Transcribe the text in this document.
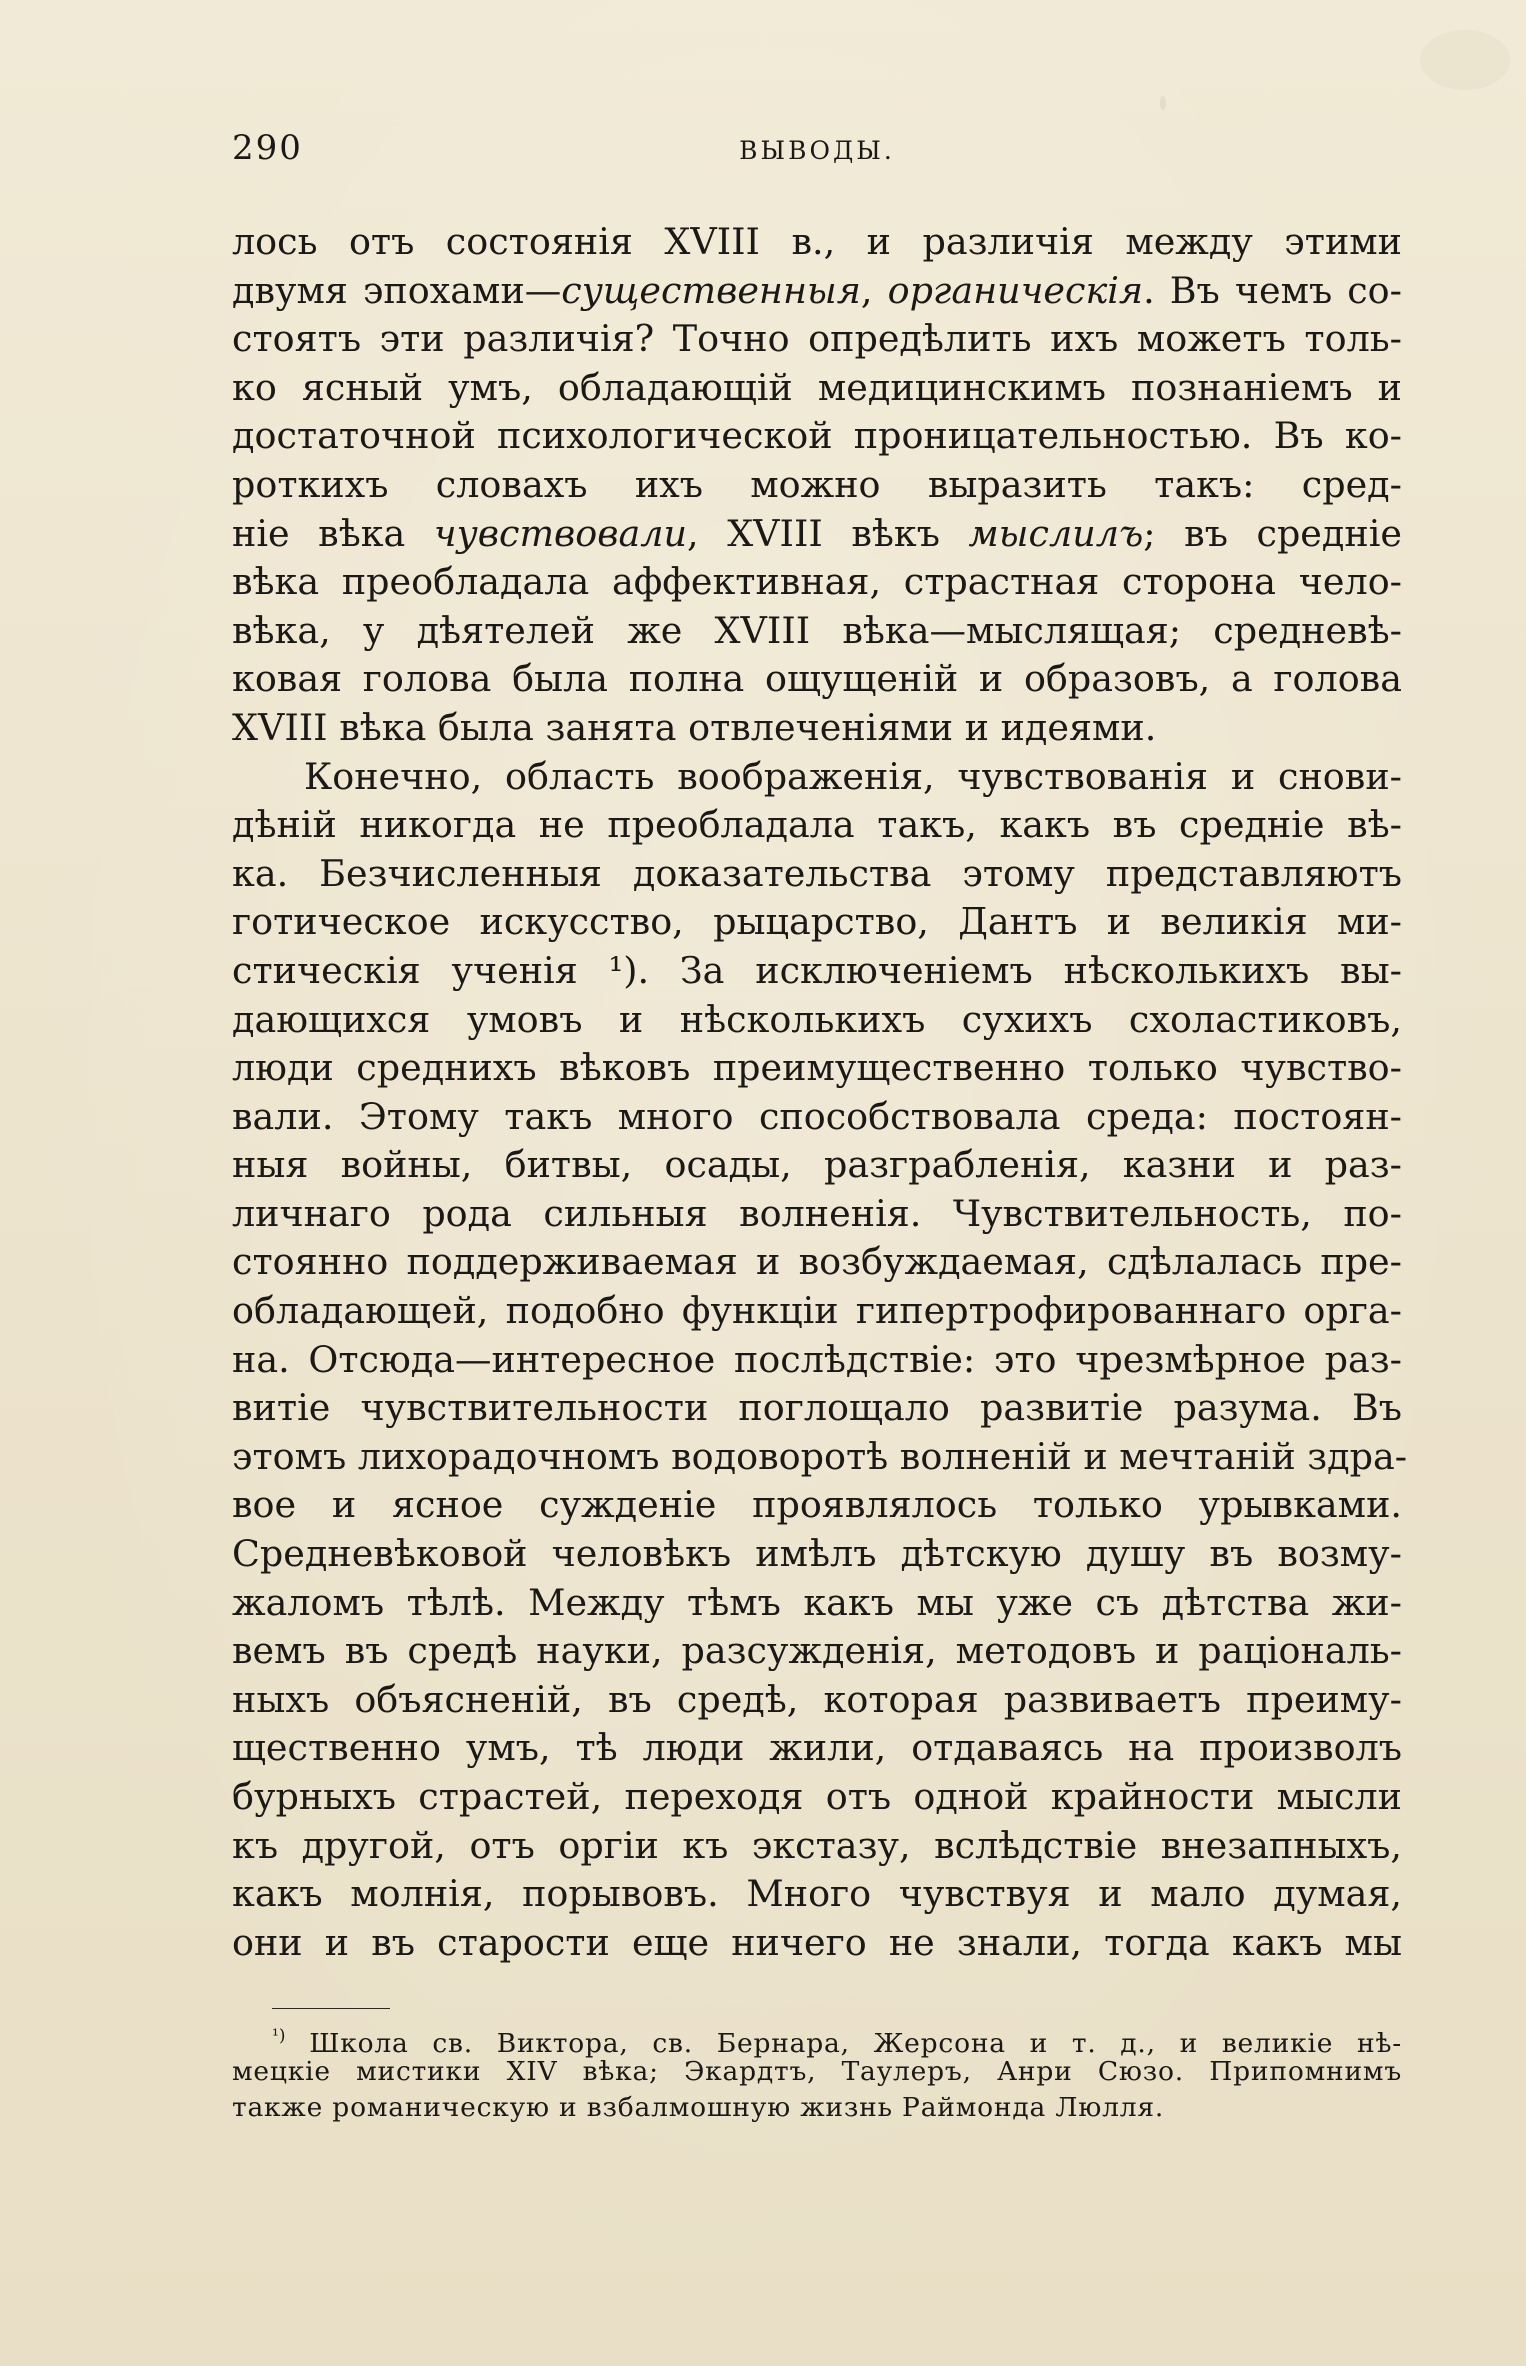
290	ВЫВОДЫ.
лось отъ состоянія XVIII в., и различія между этими
двумя эпохами—существенныя, органическія. Въ чемъ со-
стоятъ эти различія? Точно опредѣлить ихъ можетъ толь-
ко ясный умъ, обладающій медицинскимъ познаніемъ и
достаточной психологической проницательностью. Въ ко-
роткихъ словахъ ихъ можно выразить такъ: сред-
ніе вѣка чувствовали, XVIII вѣкъ мыслилъ; въ средніе
вѣка преобладала аффективная, страстная сторона чело-
вѣка, у дѣятелей же XVIII вѣка—мыслящая; средневѣ-
ковая голова была полна ощущеній и образовъ, а голова
XVIII вѣка была занята отвлеченіями и идеями.
Конечно, область воображенія, чувствованія и снови-
дѣній никогда не преобладала такъ, какъ въ средніе вѣ-
ка. Безчисленныя доказательства этому представляютъ
готическое искусство, рыцарство, Дантъ и великія ми-
стическія ученія ¹). За исключеніемъ нѣсколькихъ вы-
дающихся умовъ и нѣсколькихъ сухихъ схоластиковъ,
люди среднихъ вѣковъ преимущественно только чувство-
вали. Этому такъ много способствовала среда: постоян-
ныя войны, битвы, осады, разграбленія, казни и раз-
личнаго рода сильныя волненія. Чувствительность, по-
стоянно поддерживаемая и возбуждаемая, сдѣлалась пре-
обладающей, подобно функціи гипертрофированнаго орга-
на. Отсюда—интересное послѣдствіе: это чрезмѣрное раз-
витіе чувствительности поглощало развитіе разума. Въ
этомъ лихорадочномъ водоворотѣ волненій и мечтаній здра-
вое и ясное сужденіе проявлялось только урывками.
Средневѣковой человѣкъ имѣлъ дѣтскую душу въ возму-
жаломъ тѣлѣ. Между тѣмъ какъ мы уже съ дѣтства жи-
вемъ въ средѣ науки, разсужденія, методовъ и раціональ-
ныхъ объясненій, въ средѣ, которая развиваетъ преиму-
щественно умъ, тѣ люди жили, отдаваясь на произволъ
бурныхъ страстей, переходя отъ одной крайности мысли
къ другой, отъ оргіи къ экстазу, вслѣдствіе внезапныхъ,
какъ молнія, порывовъ. Много чувствуя и мало думая,
они и въ старости еще ничего не знали, тогда какъ мы
$^{^1)}$ Школа св. Виктора, св. Бернара, Жерсона и т. д., и великіе нѣ-
мецкіе мистики XIV вѣка; Экардтъ, Таулеръ, Анри Сюзо. Припомнимъ
также романическую и взбалмошную жизнь Раймонда Люлля.
